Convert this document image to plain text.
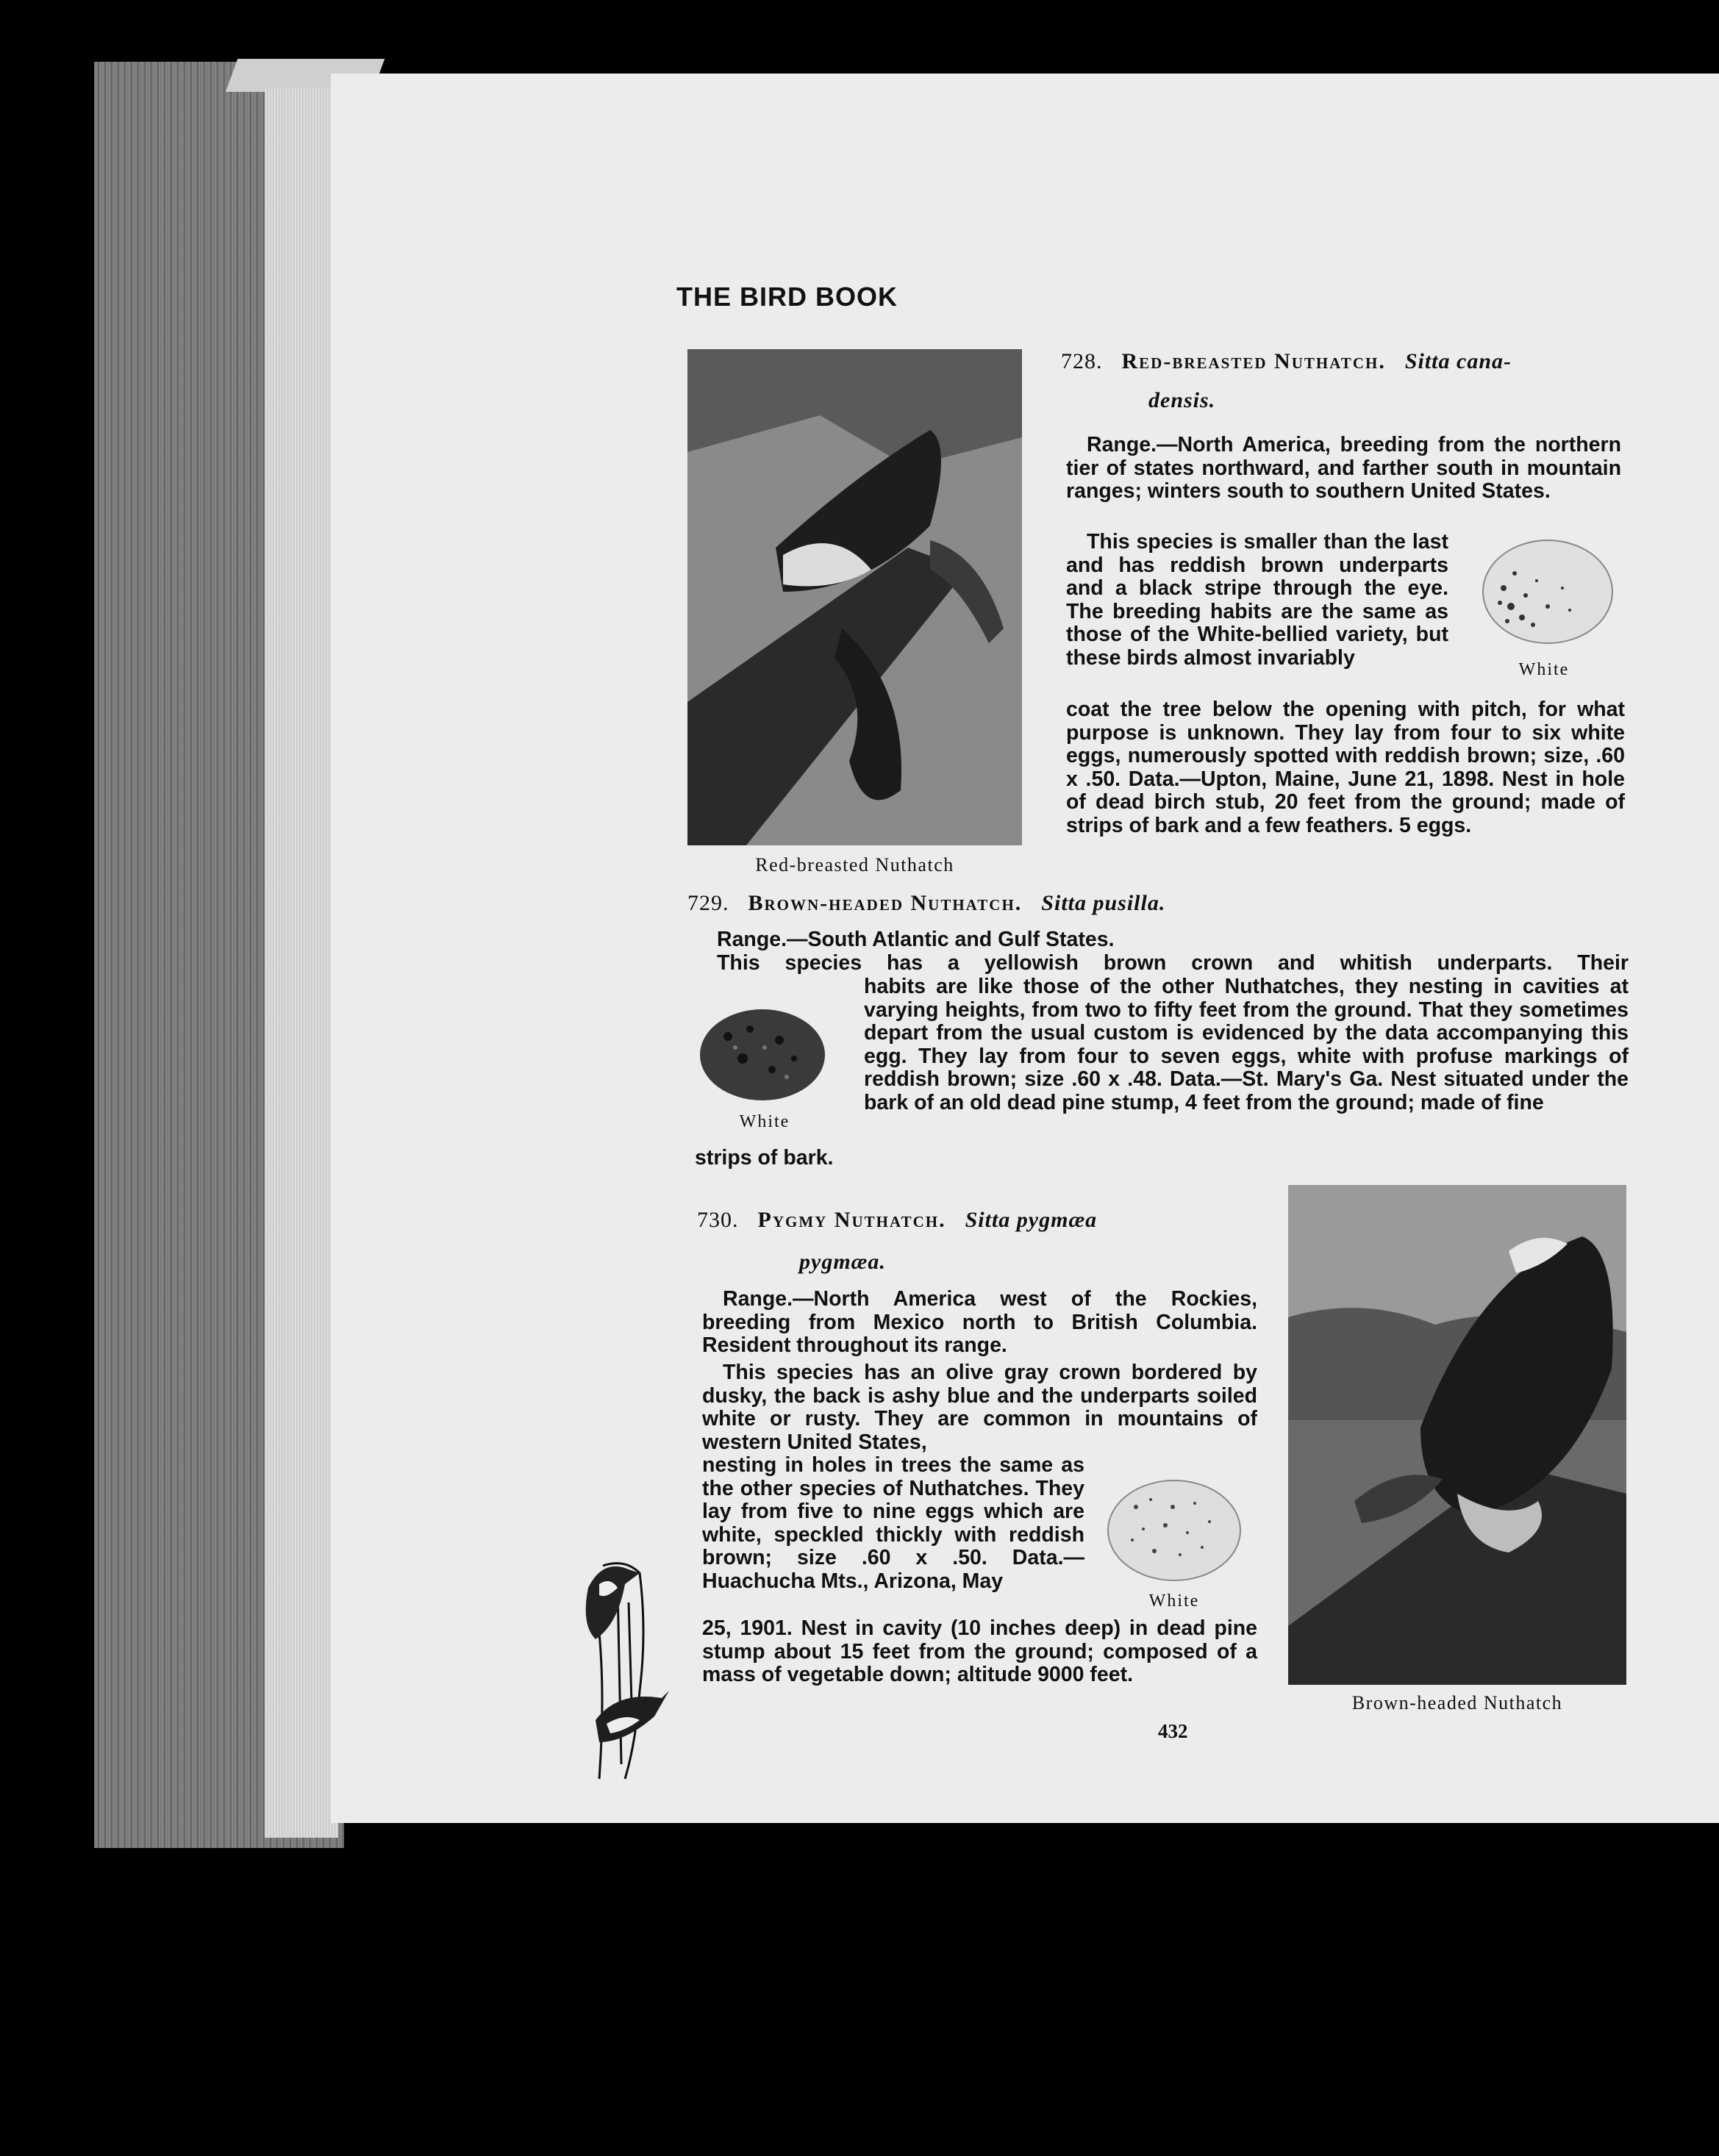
THE BIRD BOOK
Red-breasted Nuthatch
728. Red-breasted Nuthatch. Sitta cana-
densis.

Range.—North America, breeding from the northern tier of states northward, and farther south in mountain ranges; winters south to southern United States.

This species is smaller than the last and has reddish brown underparts and a black stripe through the eye. The breeding habits are the same as those of the White-bellied variety, but these birds almost invariably

coat the tree below the opening with pitch, for what purpose is unknown. They lay from four to six white eggs, numerously spotted with reddish brown; size, .60 x .50. Data.—Upton, Maine, June 21, 1898. Nest in hole of dead birch stub, 20 feet from the ground; made of strips of bark and a few feathers. 5 eggs.

White
729. Brown-headed Nuthatch. Sitta pusilla.

Range.—South Atlantic and Gulf States.

This species has a yellowish brown crown and whitish underparts. Their

habits are like those of the other Nuthatches, they nesting in cavities at varying heights, from two to fifty feet from the ground. That they sometimes depart from the usual custom is evidenced by the data accompanying this egg. They lay from four to seven eggs, white with profuse markings of reddish brown; size .60 x .48. Data.—St. Mary's Ga. Nest situated under the bark of an old dead pine stump, 4 feet from the ground; made of fine

strips of bark.

White
730. Pygmy Nuthatch. Sitta pygmæa
pygmæa.

Range.—North America west of the Rockies, breeding from Mexico north to British Columbia. Resident throughout its range.

This species has an olive gray crown bordered by dusky, the back is ashy blue and the underparts soiled white or rusty. They are common in mountains of western United States,

nesting in holes in trees the same as the other species of Nuthatches. They lay from five to nine eggs which are white, speckled thickly with reddish brown; size .60 x .50. Data.—Huachucha Mts., Arizona, May

25, 1901. Nest in cavity (10 inches deep) in dead pine stump about 15 feet from the ground; composed of a mass of vegetable down; altitude 9000 feet.

White
Brown-headed Nuthatch
432
